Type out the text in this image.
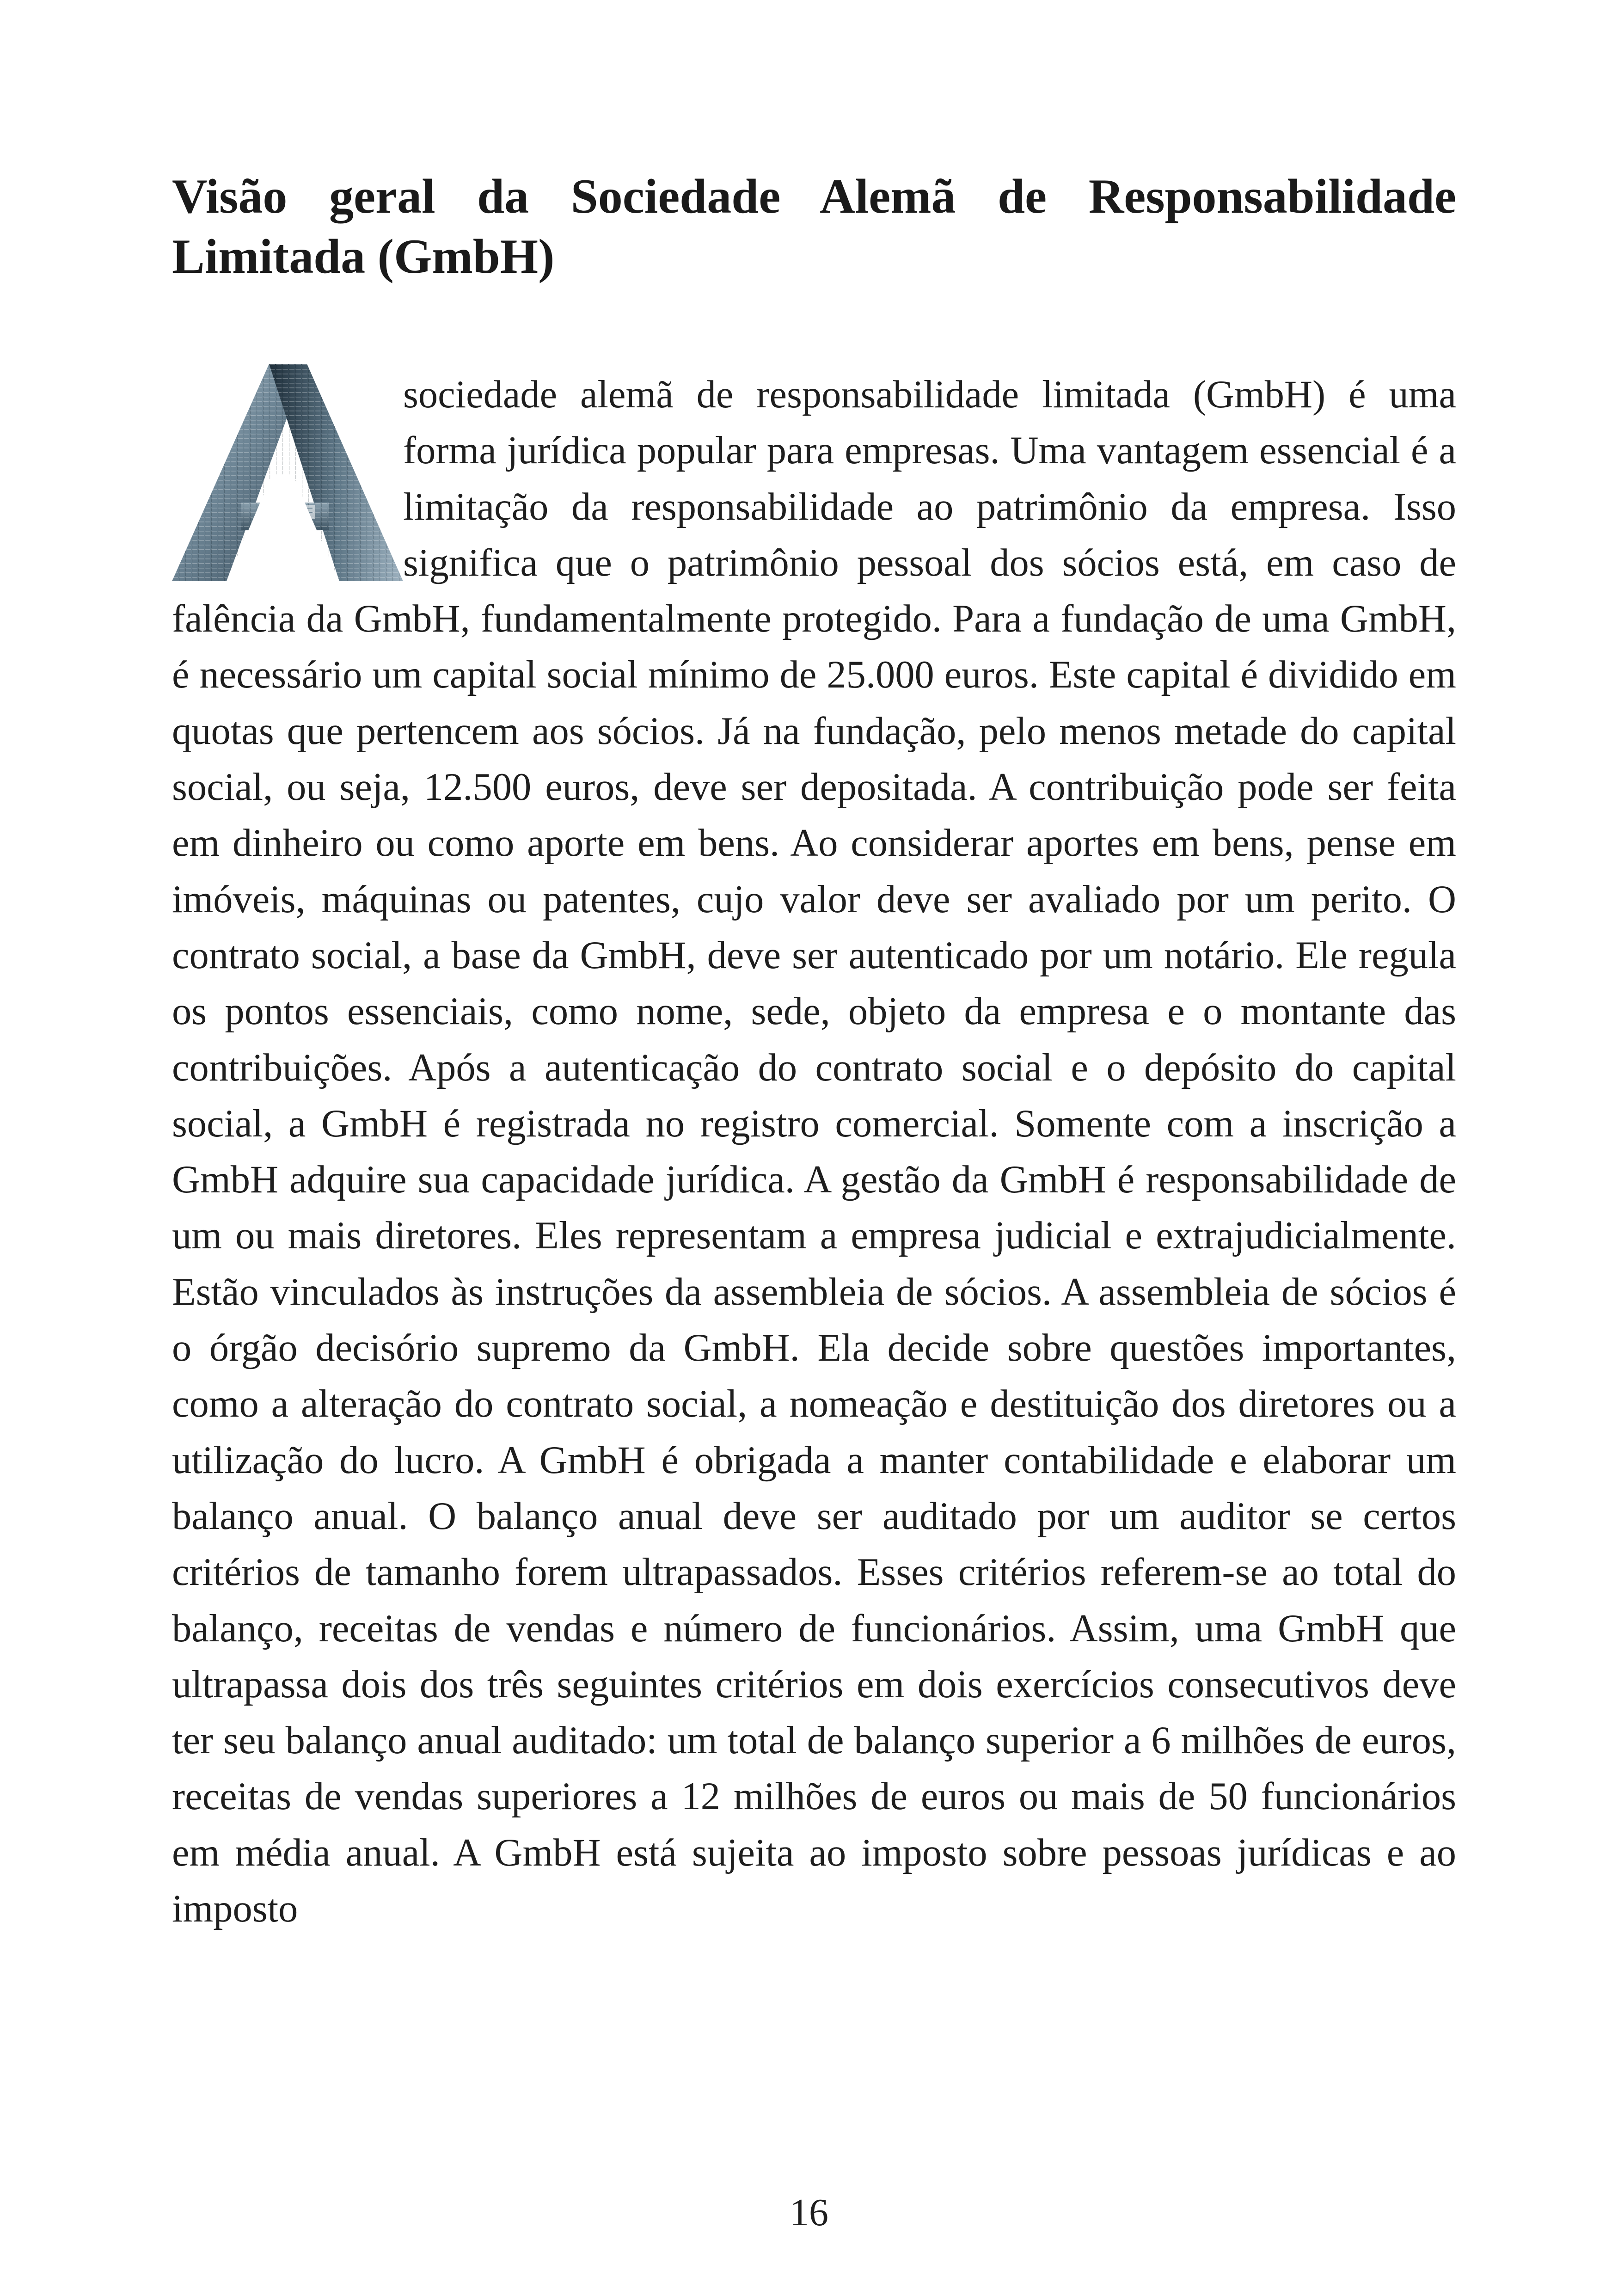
Visão geral da Sociedade Alemã de Responsabilidade Limitada (GmbH)

sociedade alemã de responsabilidade limitada (GmbH) é uma forma jurídica popular para empresas. Uma vantagem essencial é a limitação da responsabilidade ao patrimônio da empresa. Isso significa que o patrimônio pessoal dos sócios está, em caso de falência da GmbH, fundamentalmente protegido. Para a fundação de uma GmbH, é necessário um capital social mínimo de 25.000 euros. Este capital é dividido em quotas que pertencem aos sócios. Já na fundação, pelo menos metade do capital social, ou seja, 12.500 euros, deve ser depositada. A contribuição pode ser feita em dinheiro ou como aporte em bens. Ao considerar aportes em bens, pense em imóveis, máquinas ou patentes, cujo valor deve ser avaliado por um perito. O contrato social, a base da GmbH, deve ser autenticado por um notário. Ele regula os pontos essenciais, como nome, sede, objeto da empresa e o montante das contribuições. Após a autenticação do contrato social e o depósito do capital social, a GmbH é registrada no registro comercial. Somente com a inscrição a GmbH adquire sua capacidade jurídica. A gestão da GmbH é responsabilidade de um ou mais diretores. Eles representam a empresa judicial e extrajudicialmente. Estão vinculados às instruções da assembleia de sócios. A assembleia de sócios é o órgão decisório supremo da GmbH. Ela decide sobre questões importantes, como a alteração do contrato social, a nomeação e destituição dos diretores ou a utilização do lucro. A GmbH é obrigada a manter contabilidade e elaborar um balanço anual. O balanço anual deve ser auditado por um auditor se certos critérios de tamanho forem ultrapassados. Esses critérios referem-se ao total do balanço, receitas de vendas e número de funcionários. Assim, uma GmbH que ultrapassa dois dos três seguintes critérios em dois exercícios consecutivos deve ter seu balanço anual auditado: um total de balanço superior a 6 milhões de euros, receitas de vendas superiores a 12 milhões de euros ou mais de 50 funcionários em média anual. A GmbH está sujeita ao imposto sobre pessoas jurídicas e ao imposto

16
